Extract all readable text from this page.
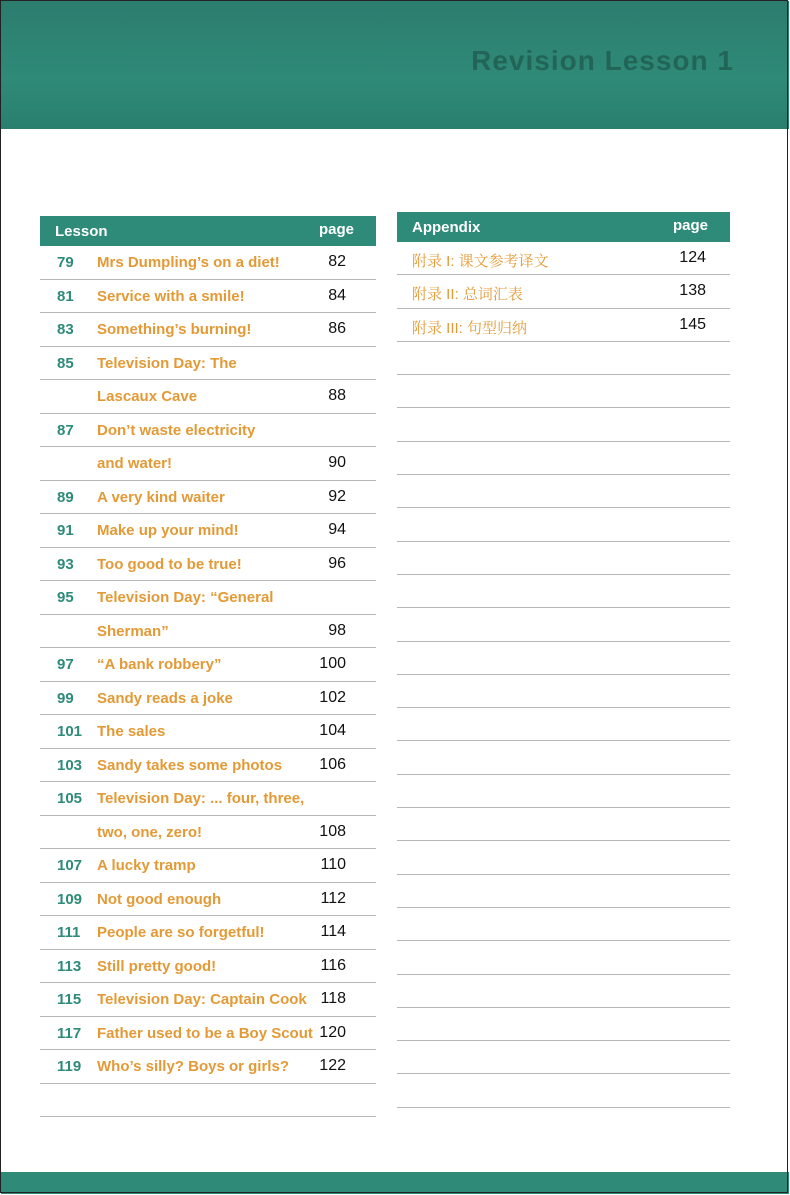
Revision Lesson 1
Lesson	page
79 Mrs Dumpling’s on a diet!	82
81 Service with a smile!	84
83 Something’s burning!	86
85 Television Day: The
Lascaux Cave	88
87 Don’t waste electricity
and water!	90
89 A very kind waiter	92
91 Make up your mind!	94
93 Too good to be true!	96
95 Television Day: “General
Sherman”	98
97 “A bank robbery”	100
99 Sandy reads a joke	102
101 The sales	104
103 Sandy takes some photos 106
105 Television Day: ... four, three,
two, one, zero!	108
107 A lucky tramp	110
109 Not good enough	112
111 People are so forgetful!	114
113 Still pretty good!	116
115 Television Day: Captain Cook 118
117 Father used to be a Boy Scout 120
119 Who’s silly? Boys or girls? 122
Appendix	page
附录 I: 课文参考译文	124
附录 II: 总词汇表	138
附录 III: 句型归纳	145
